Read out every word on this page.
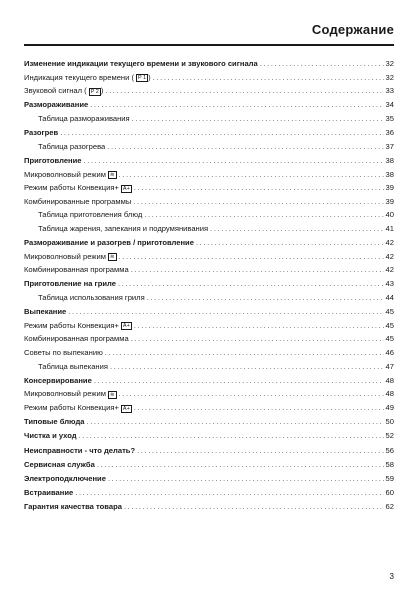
Содержание
Изменение индикации текущего времени и звукового сигнала .....	32
Индикация текущего времени ( P 1 ) .....	32
Звуковой сигнал ( P 2 ) .....	33
Размораживание .....	34
Таблица размораживания .....	35
Разогрев .....	36
Таблица разогрева .....	37
Приготовление .....	38
Микроволновый режим ≋ .....	38
Режим работы Конвекция+ A+ .....	39
Комбинированные программы .....	39
Таблица приготовления блюд .....	40
Таблица жарения, запекания и подрумянивания .....	41
Размораживание и разогрев / приготовление .....	42
Микроволновый режим ≋ .....	42
Комбинированная программа .....	42
Приготовление на гриле .....	43
Таблица использования гриля .....	44
Выпекание .....	45
Режим работы Конвекция+ A+ .....	45
Комбинированная программа .....	45
Советы по выпеканию .....	46
Таблица выпекания .....	47
Консервирование .....	48
Микроволновый режим ≋ .....	48
Режим работы Конвекция+ A+ .....	49
Типовые блюда .....	50
Чистка и уход .....	52
Неисправности - что делать? .....	56
Сервисная служба .....	58
Электроподключение .....	59
Встраивание .....	60
Гарантия качества товара .....	62
3
